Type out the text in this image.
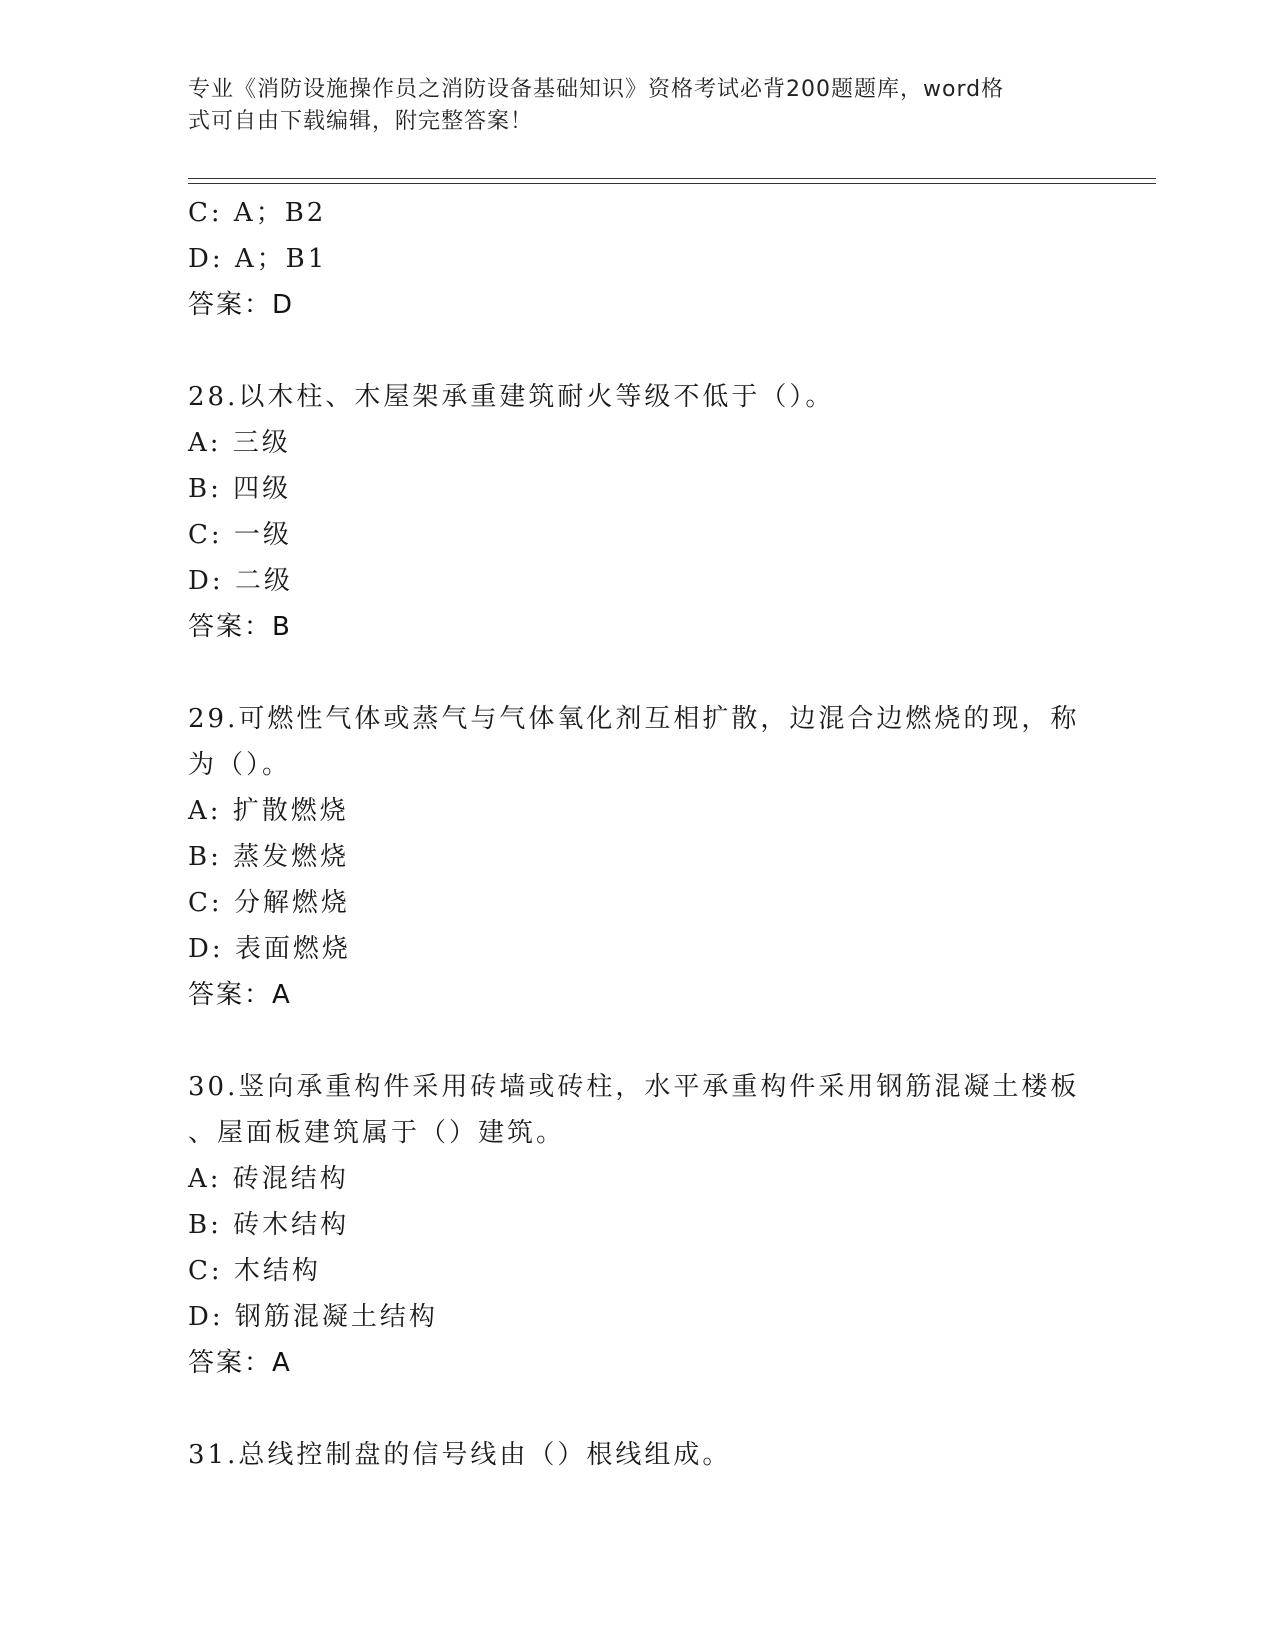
专业《消防设施操作员之消防设备基础知识》资格考试必背200题题库，word格
式可自由下载编辑，附完整答案！
C: A；B2
D: A；B1
答案：D
28.以木柱、木屋架承重建筑耐火等级不低于（）。
A: 三级
B: 四级
C: 一级
D: 二级
答案：B
29.可燃性气体或蒸气与气体氧化剂互相扩散，边混合边燃烧的现，称
为（）。
A: 扩散燃烧
B: 蒸发燃烧
C: 分解燃烧
D: 表面燃烧
答案：A
30.竖向承重构件采用砖墙或砖柱，水平承重构件采用钢筋混凝土楼板
、屋面板建筑属于（）建筑。
A: 砖混结构
B: 砖木结构
C: 木结构
D: 钢筋混凝土结构
答案：A
31.总线控制盘的信号线由（）根线组成。
